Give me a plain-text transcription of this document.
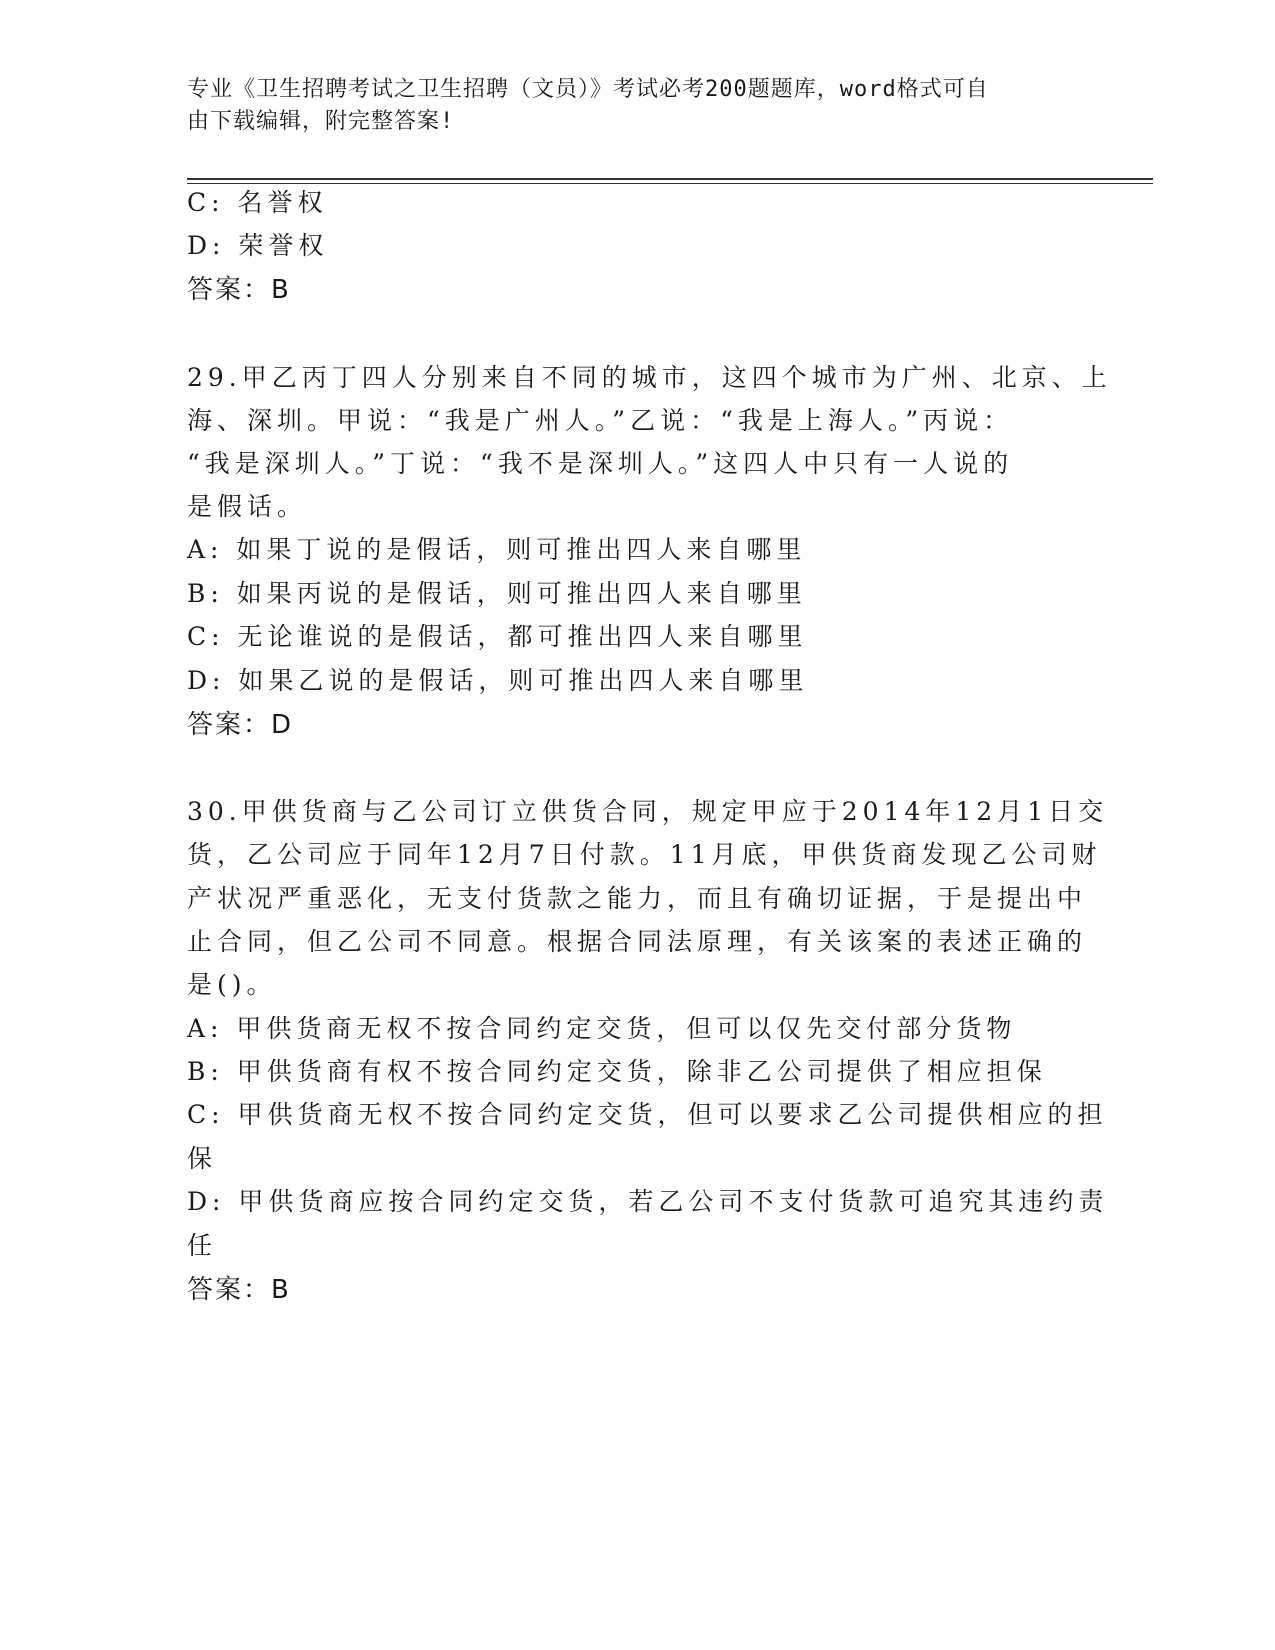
专业《卫生招聘考试之卫生招聘（文员）》考试必考200题题库，word格式可自
由下载编辑，附完整答案!
C: 名誉权
D: 荣誉权
答案：B
29.甲乙丙丁四人分别来自不同的城市，这四个城市为广州、北京、上
海、深圳。甲说：“我是广州人。”乙说：“我是上海人。”丙说：
“我是深圳人。”丁说：“我不是深圳人。”这四人中只有一人说的
是假话。
A: 如果丁说的是假话，则可推出四人来自哪里
B: 如果丙说的是假话，则可推出四人来自哪里
C: 无论谁说的是假话，都可推出四人来自哪里
D: 如果乙说的是假话，则可推出四人来自哪里
答案：D
30.甲供货商与乙公司订立供货合同，规定甲应于2014年12月1日交
货，乙公司应于同年12月7日付款。11月底，甲供货商发现乙公司财
产状况严重恶化，无支付货款之能力，而且有确切证据，于是提出中
止合同，但乙公司不同意。根据合同法原理，有关该案的表述正确的
是()。
A: 甲供货商无权不按合同约定交货，但可以仅先交付部分货物
B: 甲供货商有权不按合同约定交货，除非乙公司提供了相应担保
C: 甲供货商无权不按合同约定交货，但可以要求乙公司提供相应的担
保
D: 甲供货商应按合同约定交货，若乙公司不支付货款可追究其违约责
任
答案：B
